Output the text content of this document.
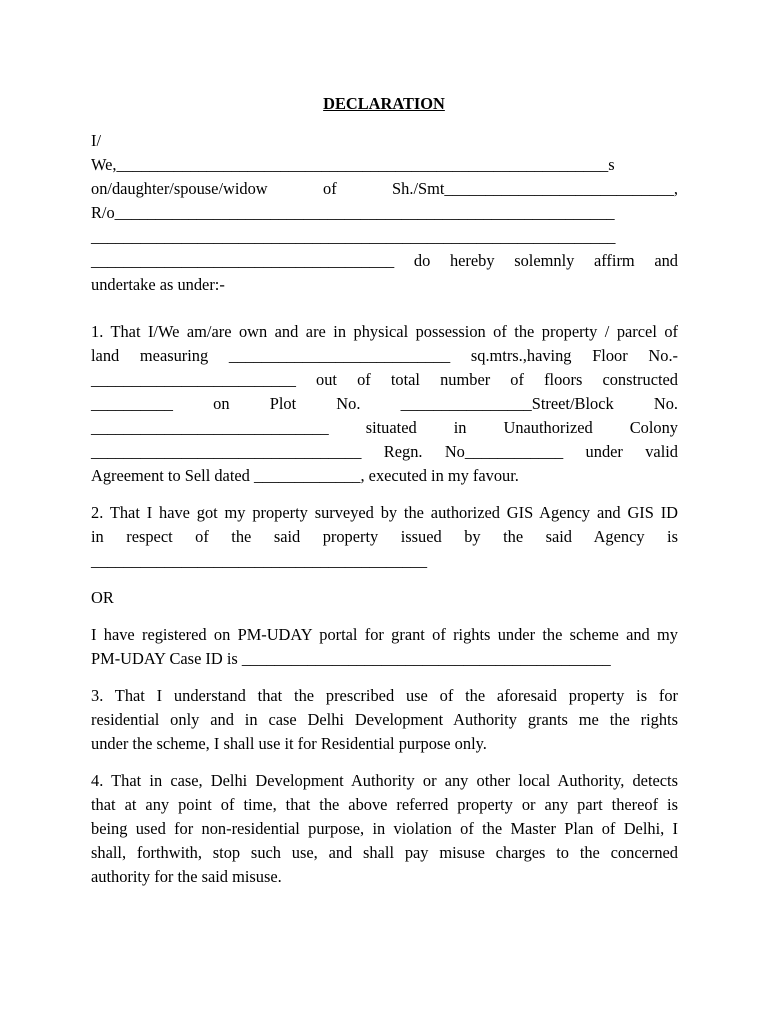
DECLARATION
I/
We,____________________________________________________________s
on/daughter/spouse/widow of Sh./Smt____________________________,
R/o_____________________________________________________________
________________________________________________________________
_____________________________________ do hereby solemnly affirm and
undertake as under:-
1. That I/We am/are own and are in physical possession of the property / parcel of
land measuring ___________________________ sq.mtrs.,having Floor No.-
_________________________ out of total number of floors constructed
__________ on Plot No. ________________Street/Block No.
_____________________________ situated in Unauthorized Colony
_________________________________ Regn. No____________ under valid
Agreement to Sell dated _____________, executed in my favour.
2. That I have got my property surveyed by the authorized GIS Agency and GIS ID
in respect of the said property issued by the said Agency is
_________________________________________
OR
I have registered on PM-UDAY portal for grant of rights under the scheme and my
PM-UDAY Case ID is _____________________________________________
3. That I understand that the prescribed use of the aforesaid property is for
residential only and in case Delhi Development Authority grants me the rights
under the scheme, I shall use it for Residential purpose only.
4. That in case, Delhi Development Authority or any other local Authority, detects
that at any point of time, that the above referred property or any part thereof is
being used for non-residential purpose, in violation of the Master Plan of Delhi, I
shall, forthwith, stop such use, and shall pay misuse charges to the concerned
authority for the said misuse.
